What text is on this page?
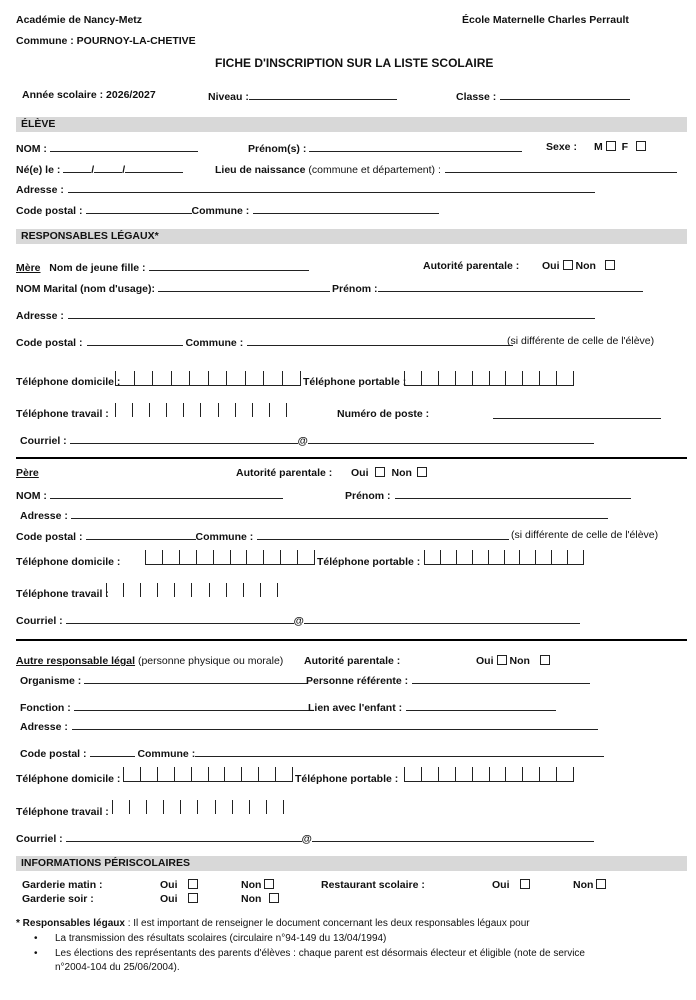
Académie de Nancy-Metz
Commune : POURNOY-LA-CHETIVE
École Maternelle Charles Perrault
FICHE D'INSCRIPTION SUR LA LISTE SCOLAIRE
Année scolaire : 2026/2027	Niveau :	Classe :
ÉLÈVE
NOM :	Prénom(s) :	Sexe : M F
Né(e) le :	/	/	Lieu de naissance (commune et département) :
Adresse :
Code postal :	Commune :
RESPONSABLES LÉGAUX*
Mère Nom de jeune fille :	Autorité parentale : Oui Non
NOM Marital (nom d'usage):	Prénom :
Adresse :
Code postal :	Commune :	(si différente de celle de l'élève)
Téléphone domicile :	Téléphone portable :
Téléphone travail :	Numéro de poste :
Courriel :	@
Père	Autorité parentale : Oui Non
NOM :	Prénom :
Adresse :
Code postal :	Commune :	(si différente de celle de l'élève)
Téléphone domicile :	Téléphone portable :
Téléphone travail :
Courriel :	@
Autre responsable légal (personne physique ou morale) Autorité parentale :	Oui Non
Organisme :	Personne référente :
Fonction :	Lien avec l'enfant :
Adresse :
Code postal :	Commune :
Téléphone domicile :	Téléphone portable :
Téléphone travail :
Courriel :	@
INFORMATIONS PÉRISCOLAIRES
Garderie matin :	Oui	Non	Restaurant scolaire :	Oui	Non
Garderie soir :	Oui	Non
* Responsables légaux : Il est important de renseigner le document concernant les deux responsables légaux pour
• La transmission des résultats scolaires (circulaire n°94-149 du 13/04/1994)
• Les élections des représentants des parents d'élèves : chaque parent est désormais électeur et éligible (note de service
n°2004-104 du 25/06/2004).
